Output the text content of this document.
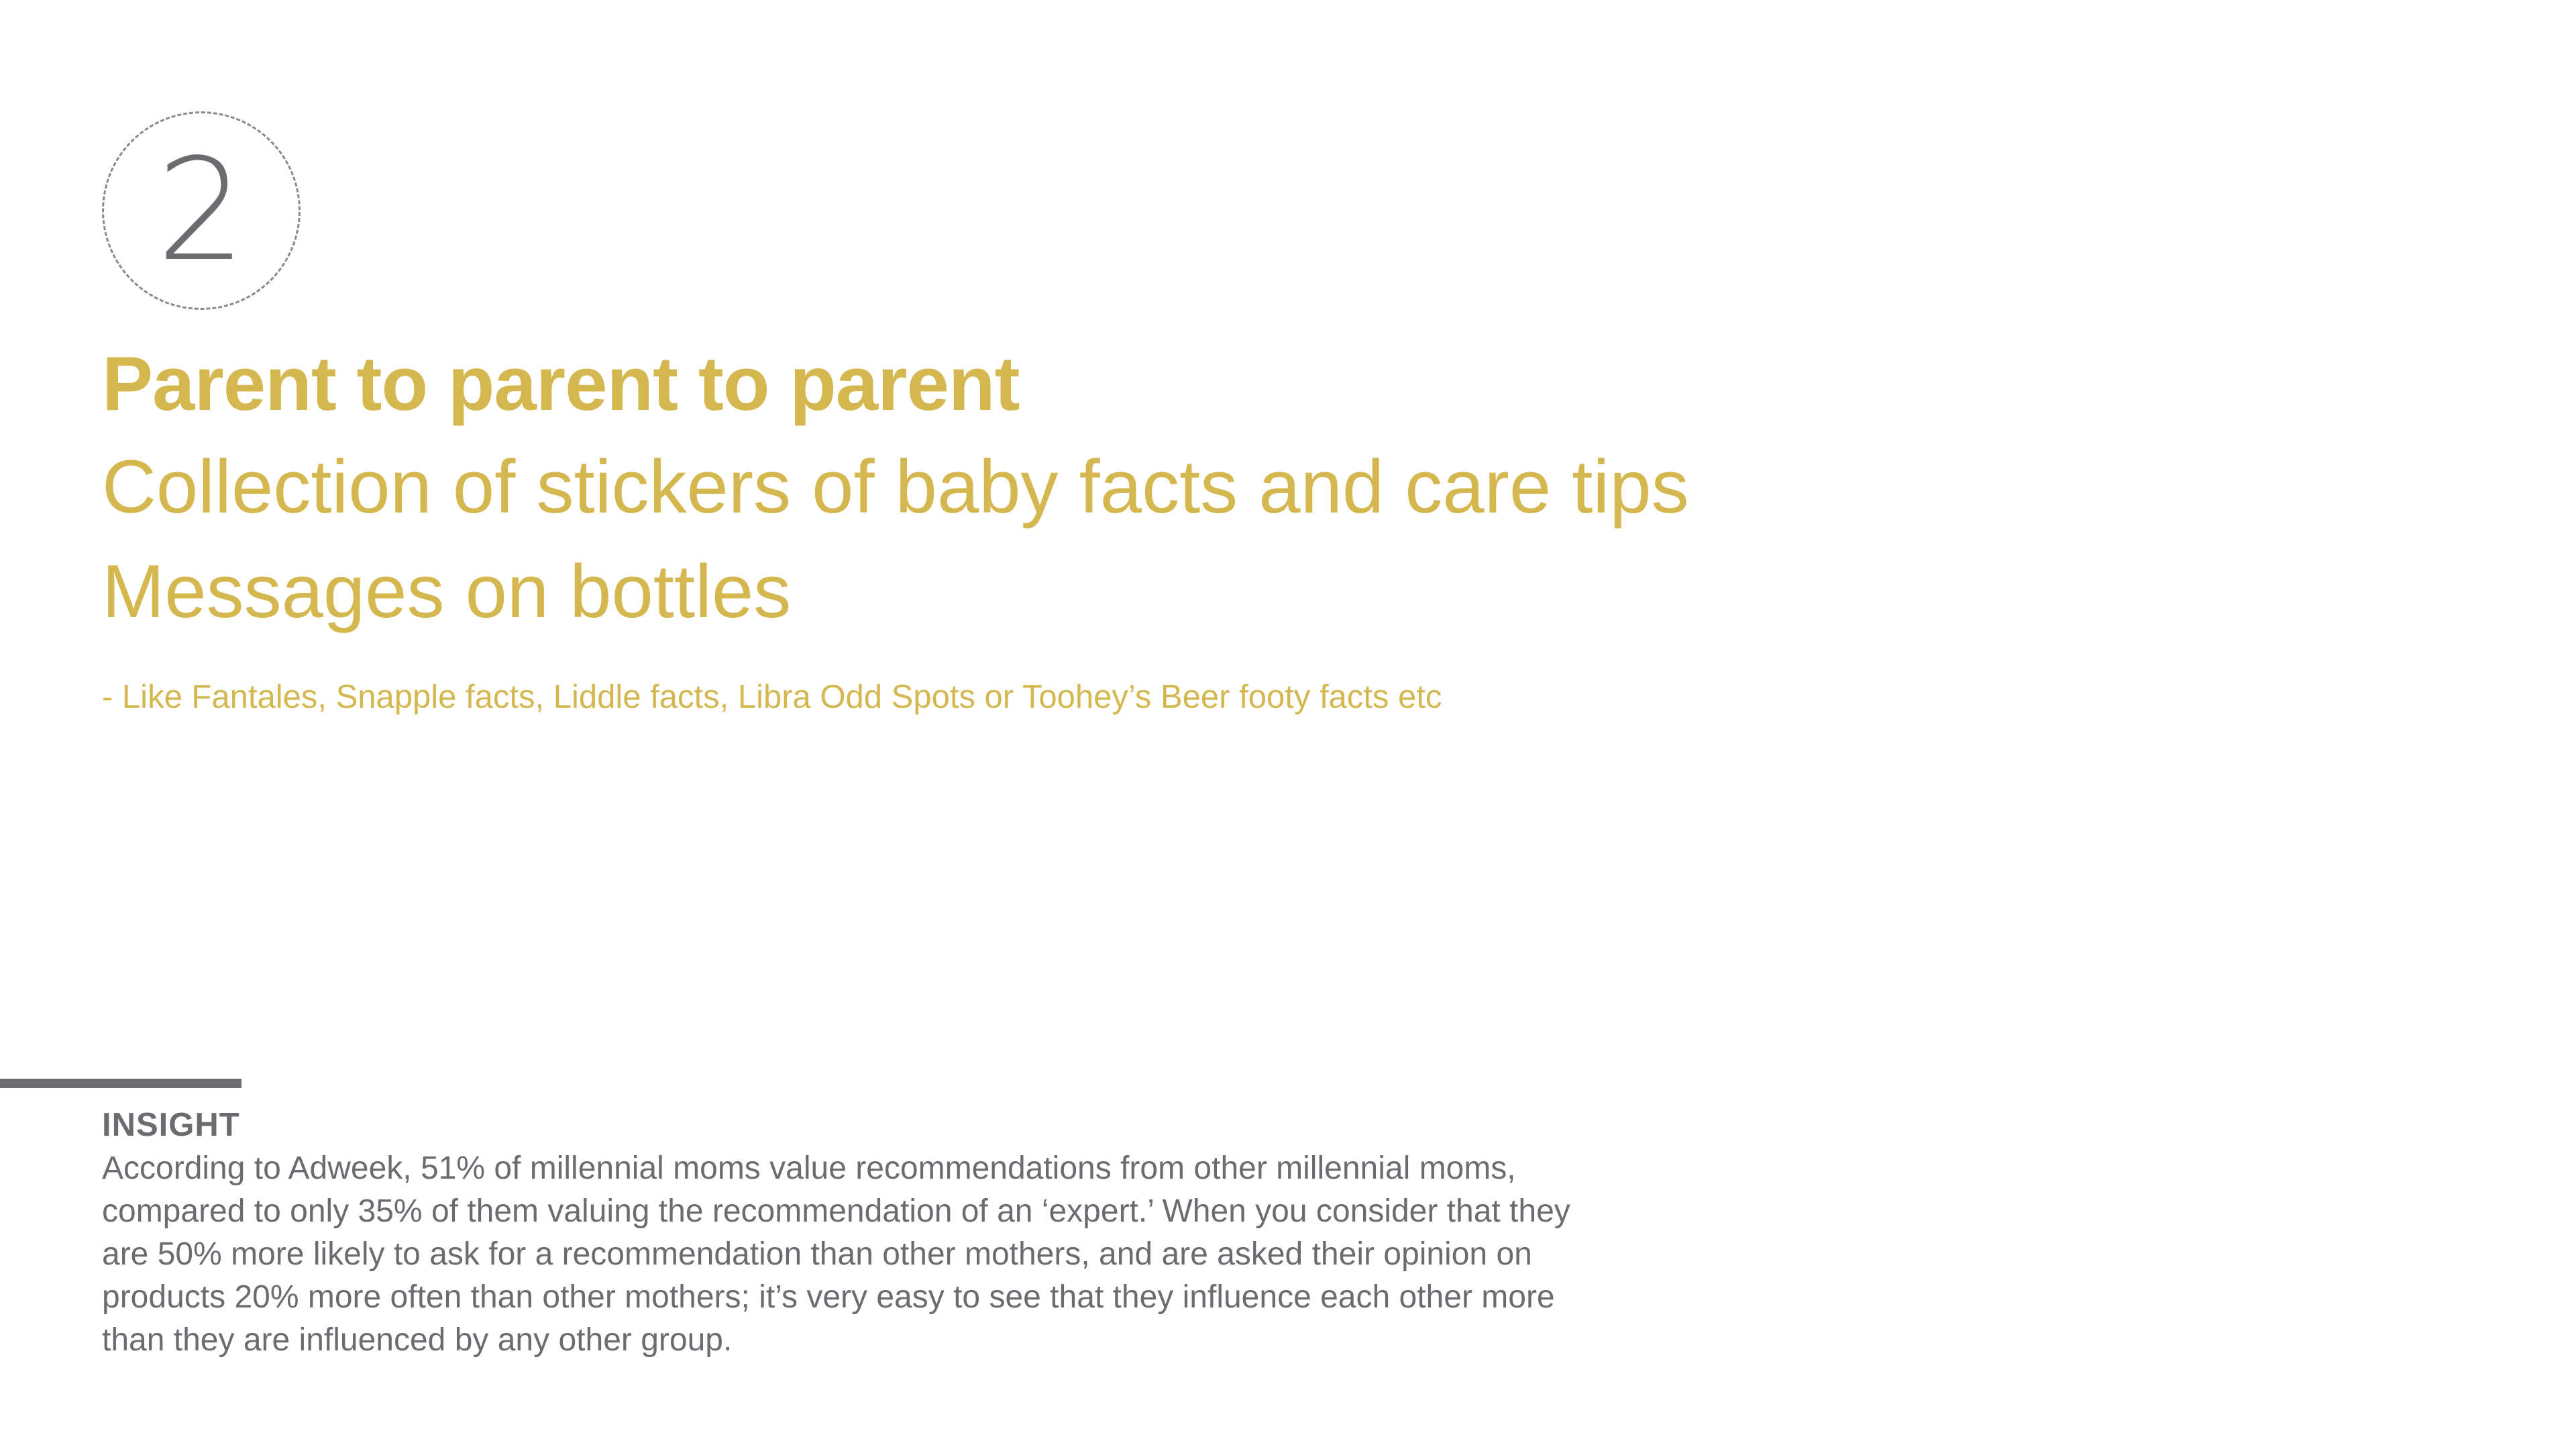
2
Parent to parent to parent
Collection of stickers of baby facts and care tips
Messages on bottles
- Like Fantales, Snapple facts, Liddle facts, Libra Odd Spots or Toohey’s Beer footy facts etc
INSIGHT
According to Adweek, 51% of millennial moms value recommendations from other millennial moms,
compared to only 35% of them valuing the recommendation of an ‘expert.’ When you consider that they
are 50% more likely to ask for a recommendation than other mothers, and are asked their opinion on
products 20% more often than other mothers; it’s very easy to see that they influence each other more
than they are influenced by any other group.
